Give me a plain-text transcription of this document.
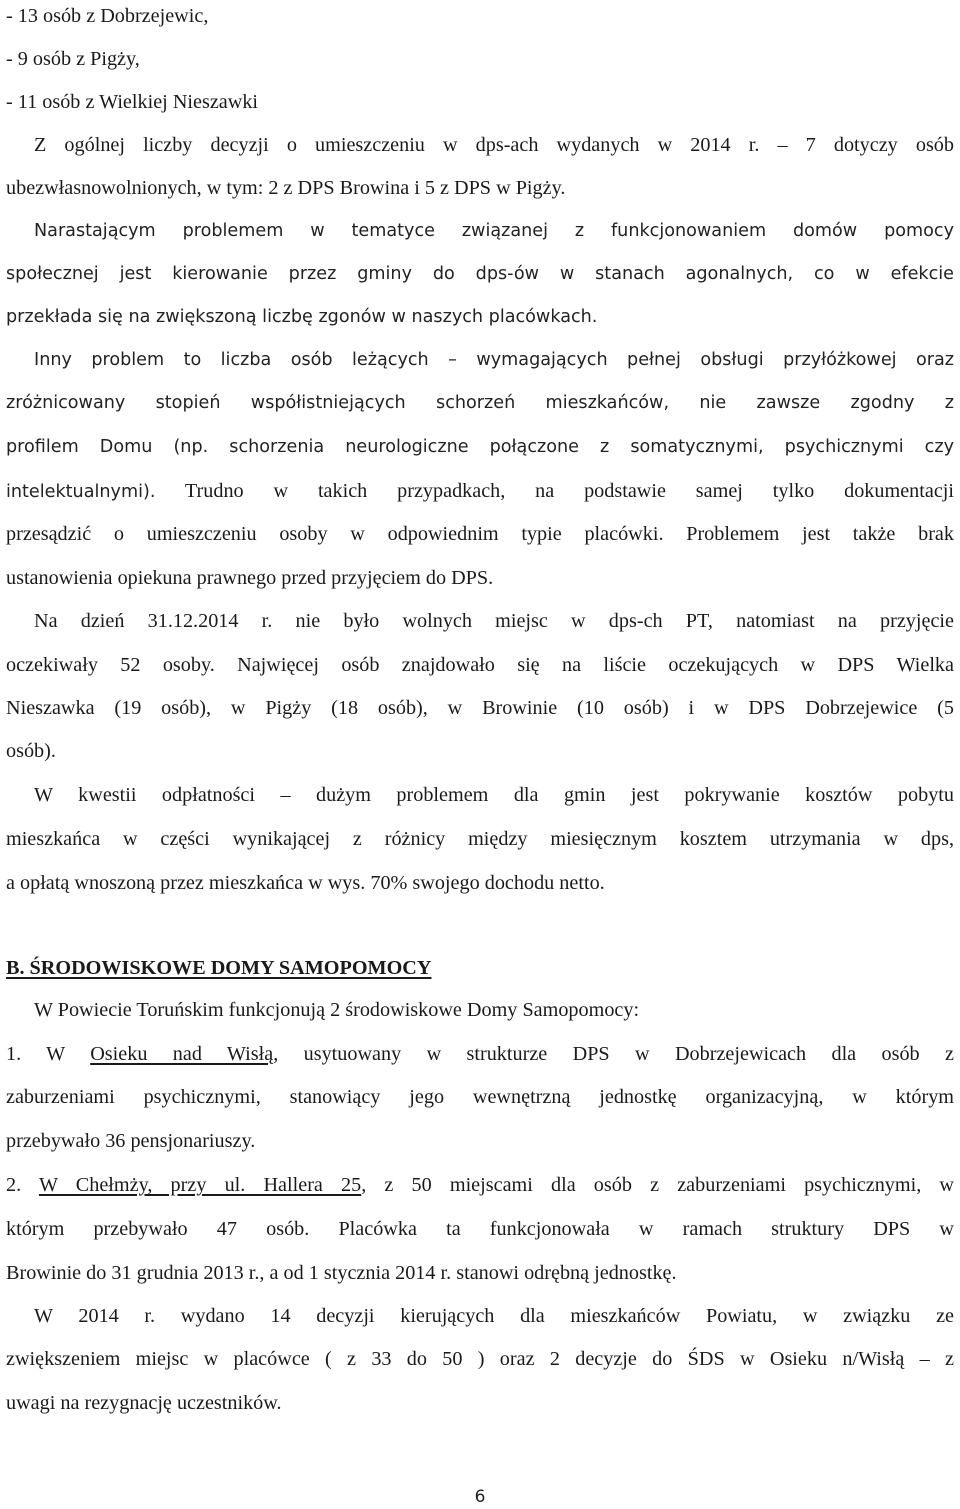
- 13 osób z Dobrzejewic,
- 9 osób z Pigży,
- 11 osób z Wielkiej Nieszawki
Z ogólnej liczby decyzji o umieszczeniu w dps-ach wydanych w 2014 r. – 7 dotyczy osób
ubezwłasnowolnionych, w tym: 2 z DPS Browina i 5 z DPS w Pigży.
Narastającym problemem w tematyce związanej z funkcjonowaniem domów pomocy
społecznej jest kierowanie przez gminy do dps-ów w stanach agonalnych, co w efekcie
przekłada się na zwiększoną liczbę zgonów w naszych placówkach.
Inny problem to liczba osób leżących – wymagających pełnej obsługi przyłóżkowej oraz
zróżnicowany stopień współistniejących schorzeń mieszkańców, nie zawsze zgodny z
profilem Domu (np. schorzenia neurologiczne połączone z somatycznymi, psychicznymi czy
intelektualnymi). Trudno w takich przypadkach, na podstawie samej tylko dokumentacji
przesądzić o umieszczeniu osoby w odpowiednim typie placówki. Problemem jest także brak
ustanowienia opiekuna prawnego przed przyjęciem do DPS.
Na dzień 31.12.2014 r. nie było wolnych miejsc w dps-ch PT, natomiast na przyjęcie
oczekiwały 52 osoby. Najwięcej osób znajdowało się na liście oczekujących w DPS Wielka
Nieszawka (19 osób), w Pigży (18 osób), w Browinie (10 osób) i w DPS Dobrzejewice (5
osób).
W kwestii odpłatności – dużym problemem dla gmin jest pokrywanie kosztów pobytu
mieszkańca w części wynikającej z różnicy między miesięcznym kosztem utrzymania w dps,
a opłatą wnoszoną przez mieszkańca w wys. 70% swojego dochodu netto.
B. ŚRODOWISKOWE DOMY SAMOPOMOCY
W Powiecie Toruńskim funkcjonują 2 środowiskowe Domy Samopomocy:
1. W Osieku nad Wisłą, usytuowany w strukturze DPS w Dobrzejewicach dla osób z
zaburzeniami psychicznymi, stanowiący jego wewnętrzną jednostkę organizacyjną, w którym
przebywało 36 pensjonariuszy.
2. W Chełmży, przy ul. Hallera 25, z 50 miejscami dla osób z zaburzeniami psychicznymi, w
którym przebywało 47 osób. Placówka ta funkcjonowała w ramach struktury DPS w
Browinie do 31 grudnia 2013 r., a od 1 stycznia 2014 r. stanowi odrębną jednostkę.
W 2014 r. wydano 14 decyzji kierujących dla mieszkańców Powiatu, w związku ze
zwiększeniem miejsc w placówce ( z 33 do 50 ) oraz 2 decyzje do ŚDS w Osieku n/Wisłą – z
uwagi na rezygnację uczestników.
6
